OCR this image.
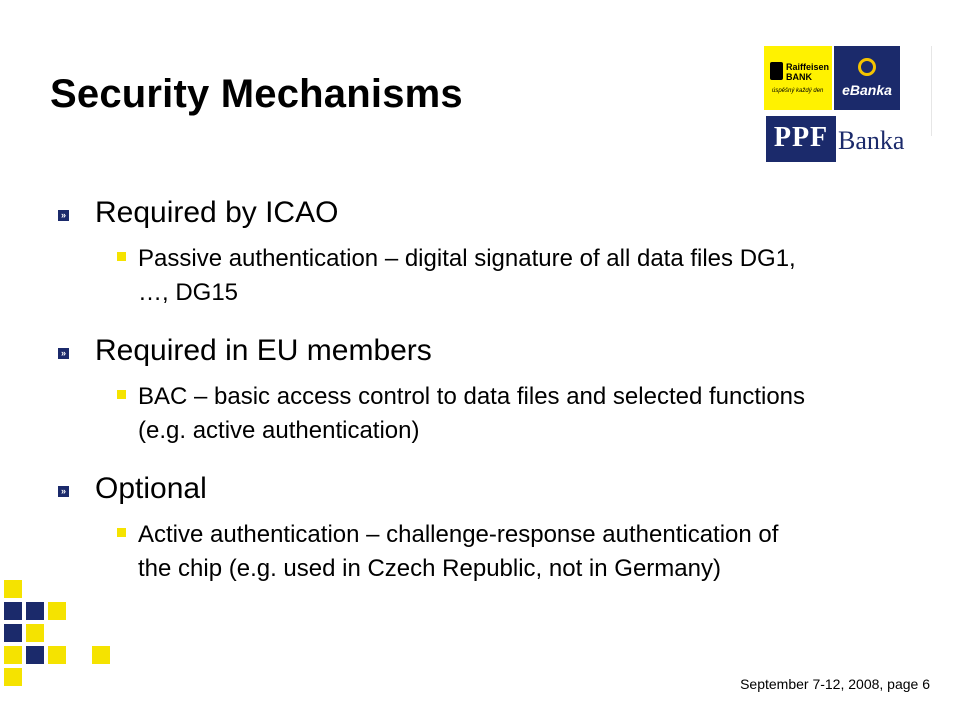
Security Mechanisms
Raiffeisen BANK
úspěšný každý den	eBanka
PPF Banka
» Required by ICAO
Passive authentication – digital signature of all data files DG1, …, DG15
» Required in EU members
BAC – basic access control to data files and selected functions (e.g. active authentication)
» Optional
Active authentication – challenge-response authentication of the chip (e.g. used in Czech Republic, not in Germany)
September 7-12, 2008, page 6
